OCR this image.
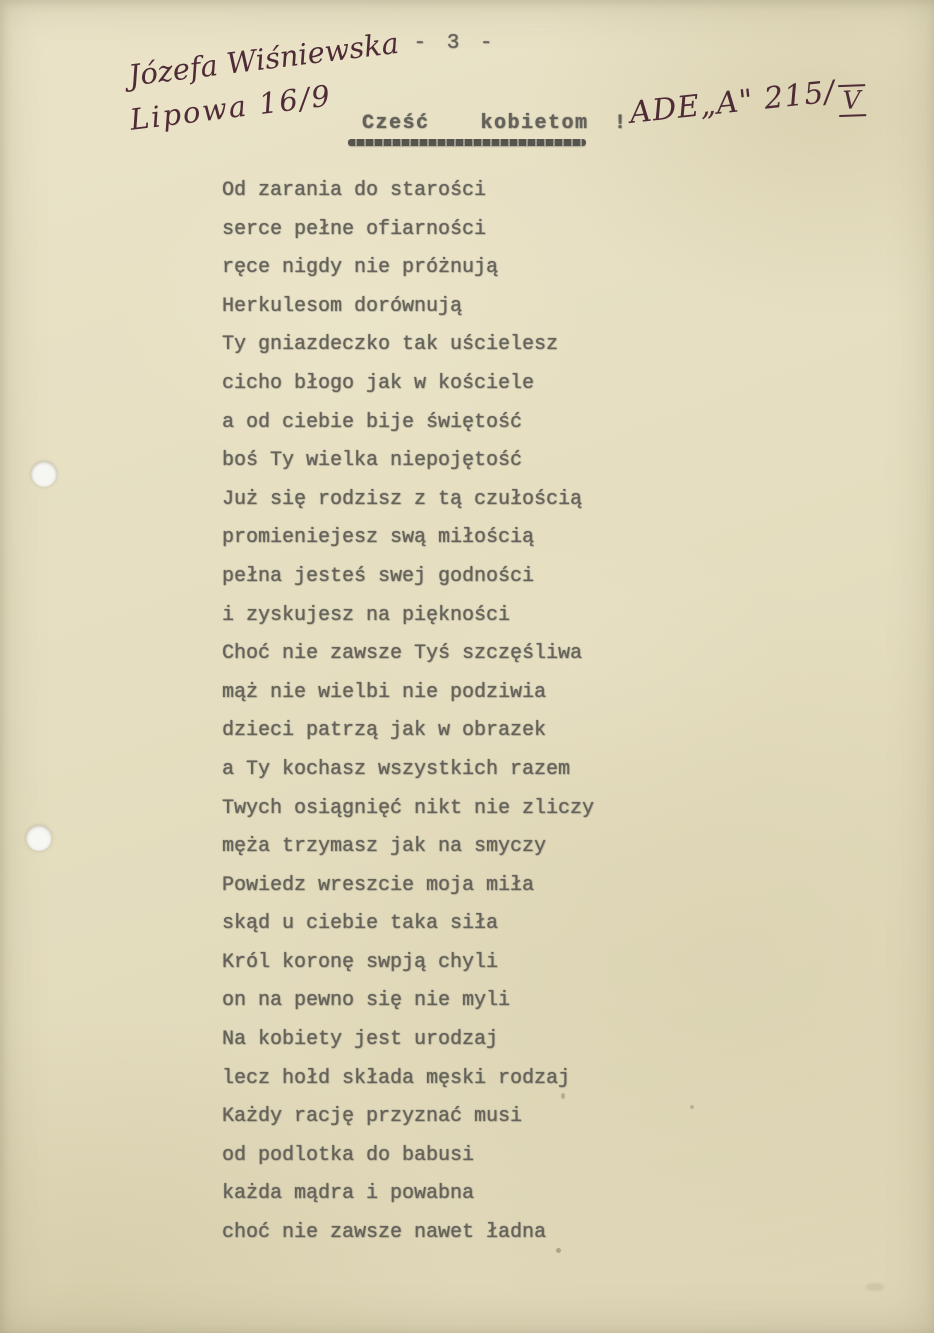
- 3 -
Józefa Wiśniewska
Lipowa 16/9	Cześć  kobietom ! ADE„A" 215/ V
Od zarania do starości
serce pełne ofiarności
ręce nigdy nie próżnują
Herkulesom dorównują
Ty gniazdeczko tak uścielesz
cicho błogo jak w kościele
a od ciebie bije świętość
boś Ty wielka niepojętość
Już się rodzisz z tą czułością
promieniejesz swą miłością
pełna jesteś swej godności
i zyskujesz na piękności
Choć nie zawsze Tyś szczęśliwa
mąż nie wielbi nie podziwia
dzieci patrzą jak w obrazek
a Ty kochasz wszystkich razem
Twych osiągnięć nikt nie zliczy
męża trzymasz jak na smyczy
Powiedz wreszcie moja miła
skąd u ciebie taka siła
Król koronę swpją chyli
on na pewno się nie myli
Na kobiety jest urodzaj
lecz hołd składa męski rodzaj
Każdy rację przyznać musi
od podlotka do babusi
każda mądra i powabna
choć nie zawsze nawet ładna
